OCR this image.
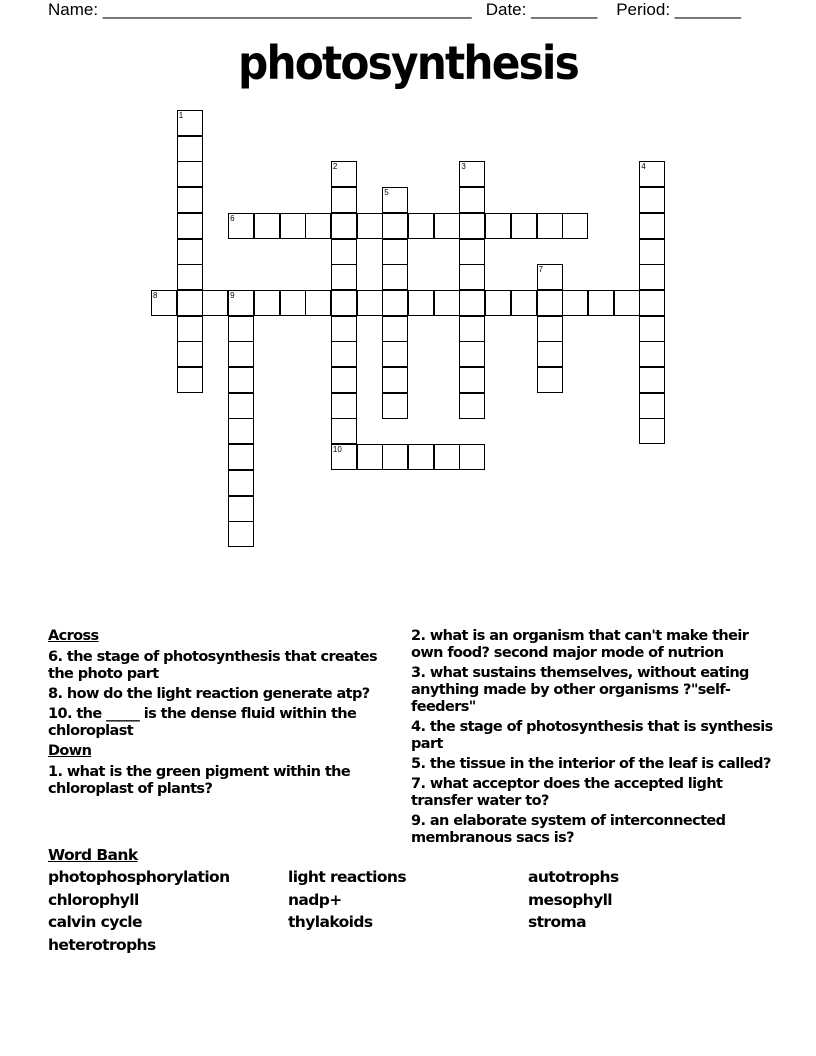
Name: _______________________________________ Date: _______ Period: _______
photosynthesis
1
2	3	4
5
6
7
8	9
10
Across
6. the stage of photosynthesis that creates the photo part
8. how do the light reaction generate atp?
10. the _____ is the dense fluid within the chloroplast
Down
1. what is the green pigment within the chloroplast of plants?
2. what is an organism that can't make their own food? second major mode of nutrion
3. what sustains themselves, without eating anything made by other organisms ?"self-feeders"
4. the stage of photosynthesis that is synthesis part
5. the tissue in the interior of the leaf is called?
7. what acceptor does the accepted light transfer water to?
9. an elaborate system of interconnected membranous sacs is?
Word Bank
photophosphorylation
chlorophyll
calvin cycle
heterotrophs
light reactions
nadp+
thylakoids
autotrophs
mesophyll
stroma
